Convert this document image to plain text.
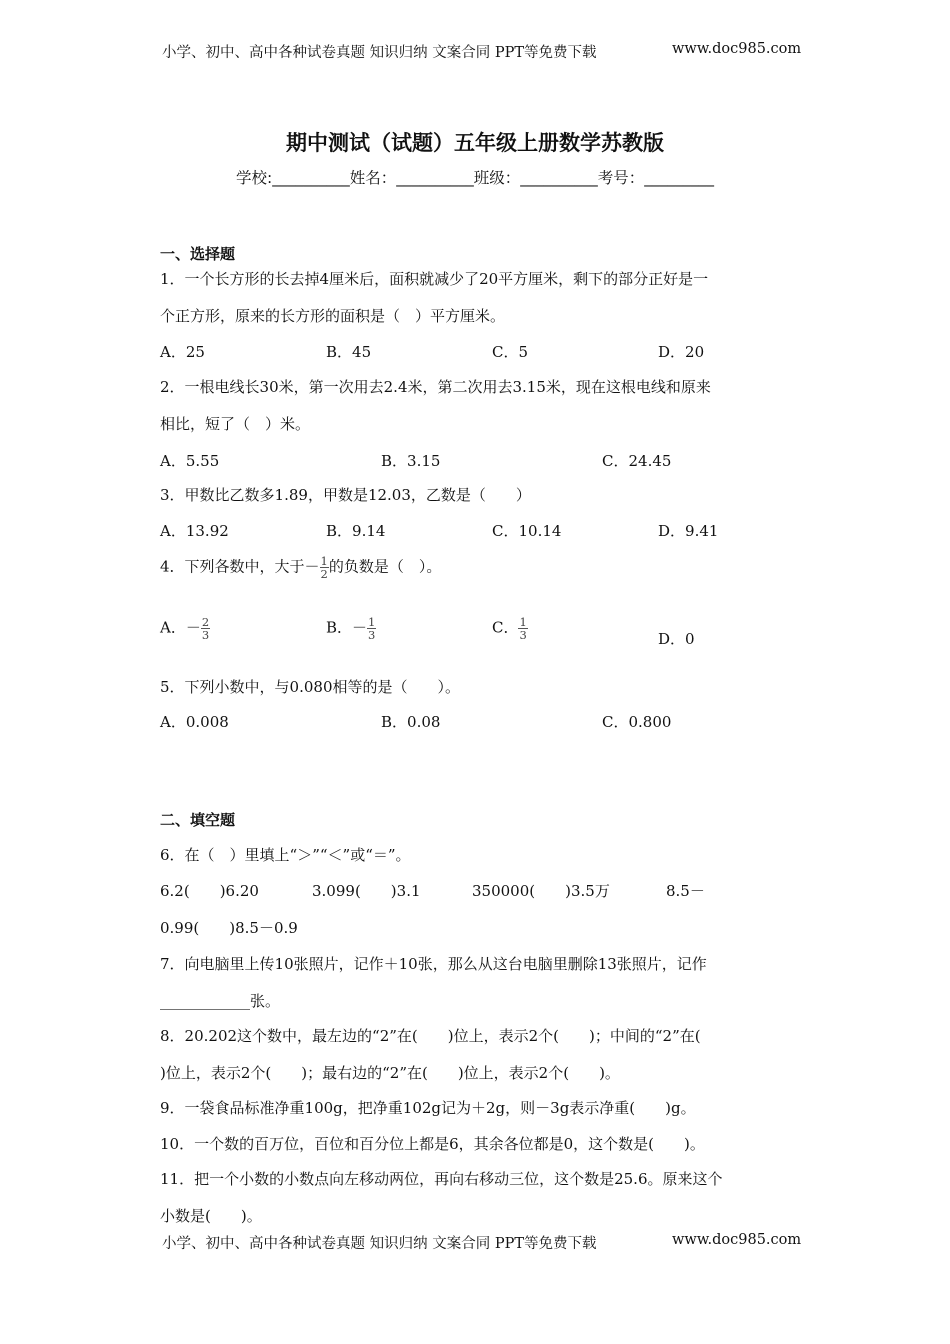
小学、初中、高中各种试卷真题 知识归纳 文案合同 PPT等免费下载	www.doc985.com
期中测试（试题）五年级上册数学苏教版
学校:__________姓名：__________班级：__________考号：_________
一、选择题
1．一个长方形的长去掉4厘米后，面积就减少了20平方厘米，剩下的部分正好是一
个正方形，原来的长方形的面积是（　）平方厘米。
A．25	B．45	C．5	D．20
2．一根电线长30米，第一次用去2.4米，第二次用去3.15米，现在这根电线和原来
相比，短了（　）米。
A．5.55	B．3.15	C．24.45
3．甲数比乙数多1.89，甲数是12.03，乙数是（　　）
A．13.92	B．9.14	C．10.14	D．9.41
4．下列各数中，大于－ $\frac{1}{2}$ 的负数是（　）。
A．－ $\frac{2}{3}$	B．－ $\frac{1}{3}$	C． $\frac{1}{3}$	D．0
5．下列小数中，与0.080相等的是（　　）。
A．0.008	B．0.08	C．0.800
二、填空题
6．在（　）里填上“＞”“＜”或“＝”。
6.2(　　)6.20	3.099(　　)3.1	350000(　　)3.5万	8.5－
0.99(　　)8.5－0.9
7．向电脑里上传10张照片，记作＋10张，那么从这台电脑里删除13张照片，记作
____________张。
8．20.202这个数中，最左边的“2”在(　　)位上，表示2个(　　)；中间的“2”在(
)位上，表示2个(　　)；最右边的“2”在(　　)位上，表示2个(　　)。
9．一袋食品标准净重100g，把净重102g记为＋2g，则－3g表示净重(　　)g。
10．一个数的百万位，百位和百分位上都是6，其余各位都是0，这个数是(　　)。
11．把一个小数的小数点向左移动两位，再向右移动三位，这个数是25.6。原来这个
小数是(　　)。
小学、初中、高中各种试卷真题 知识归纳 文案合同 PPT等免费下载	www.doc985.com
